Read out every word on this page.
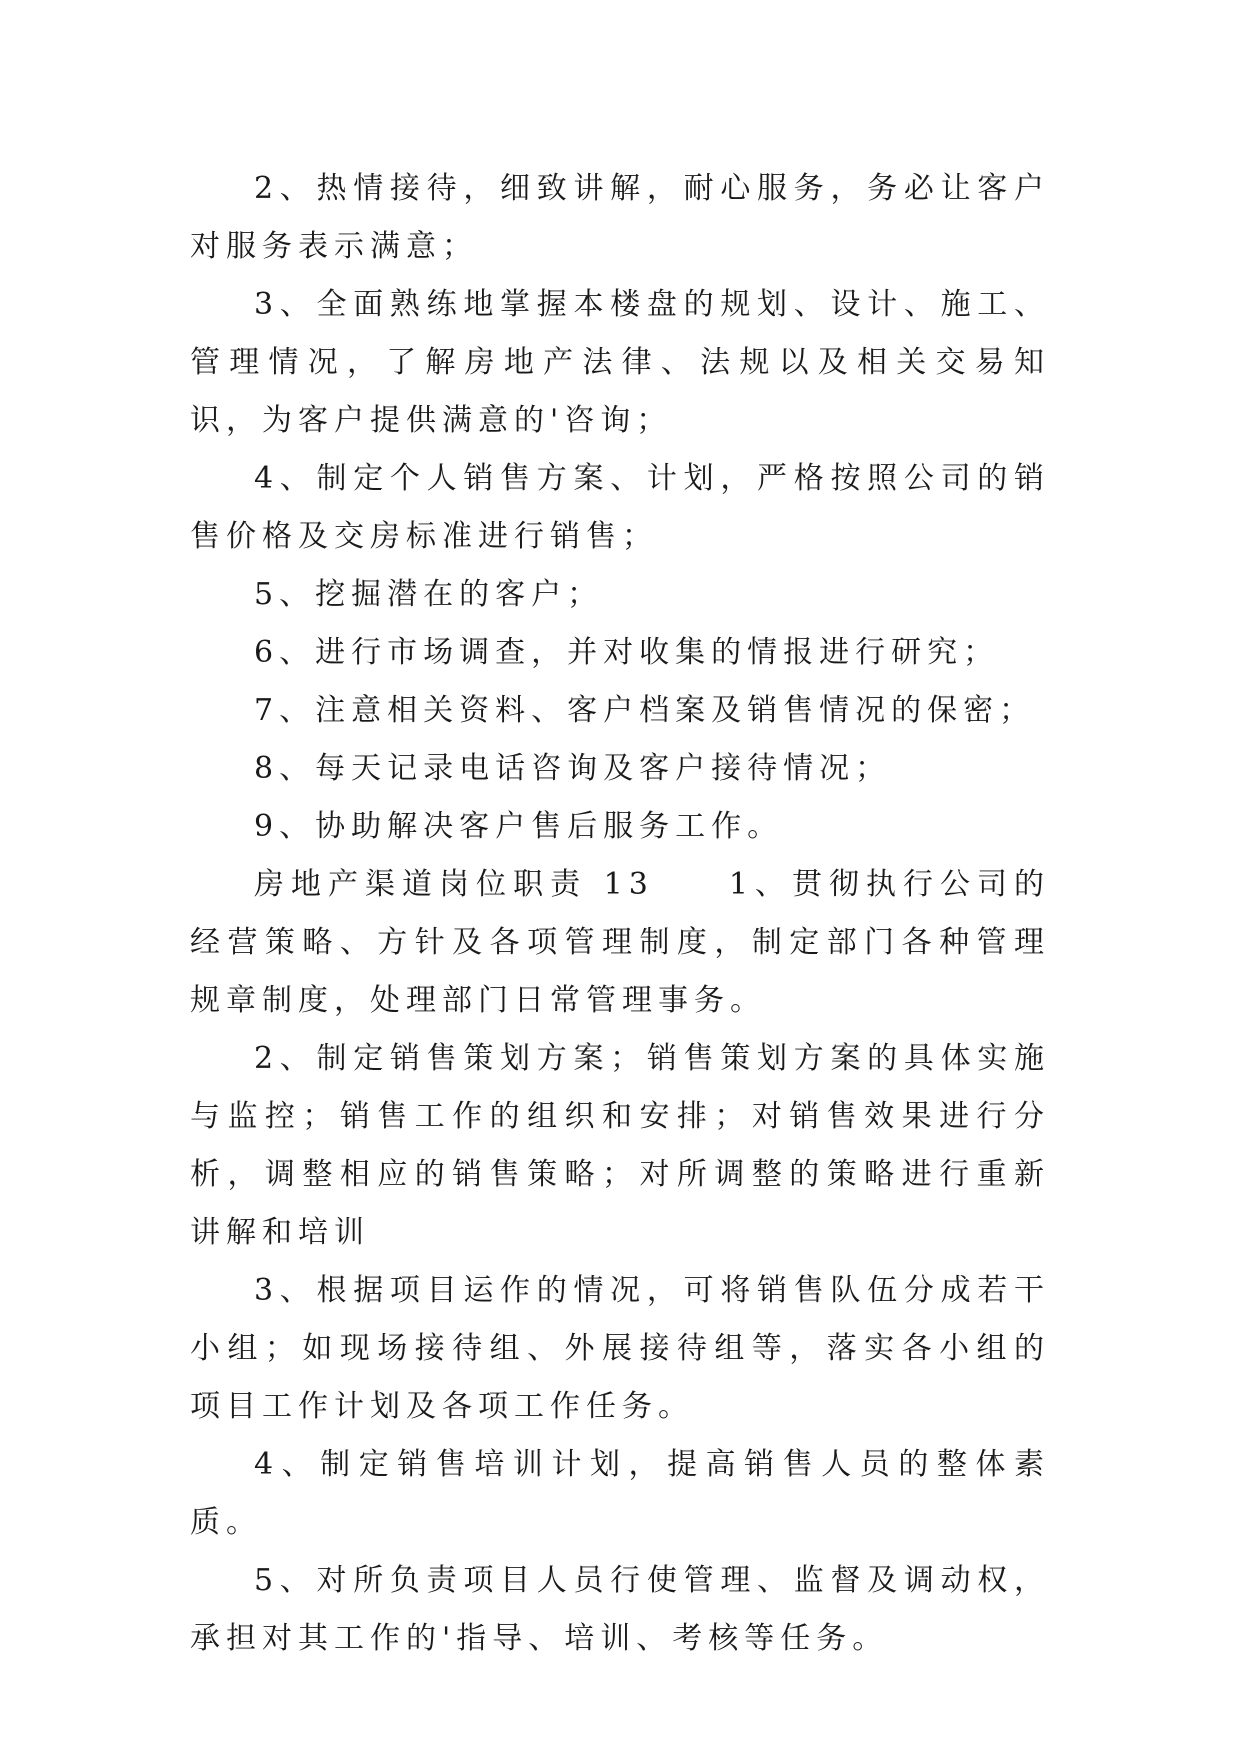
2、热情接待，细致讲解，耐心服务，务必让客户对服务表示满意；

3、全面熟练地掌握本楼盘的规划、设计、施工、管理情况，了解房地产法律、法规以及相关交易知识，为客户提供满意的'咨询；

4、制定个人销售方案、计划，严格按照公司的销售价格及交房标准进行销售；

5、挖掘潜在的客户；

6、进行市场调查，并对收集的情报进行研究；

7、注意相关资料、客户档案及销售情况的保密；

8、每天记录电话咨询及客户接待情况；

9、协助解决客户售后服务工作。

房地产渠道岗位职责 13　　1、贯彻执行公司的经营策略、方针及各项管理制度，制定部门各种管理规章制度，处理部门日常管理事务。

2、制定销售策划方案；销售策划方案的具体实施与监控；销售工作的组织和安排；对销售效果进行分析，调整相应的销售策略；对所调整的策略进行重新讲解和培训

3、根据项目运作的情况，可将销售队伍分成若干小组；如现场接待组、外展接待组等，落实各小组的项目工作计划及各项工作任务。

4、制定销售培训计划，提高销售人员的整体素质。

5、对所负责项目人员行使管理、监督及调动权，承担对其工作的'指导、培训、考核等任务。
